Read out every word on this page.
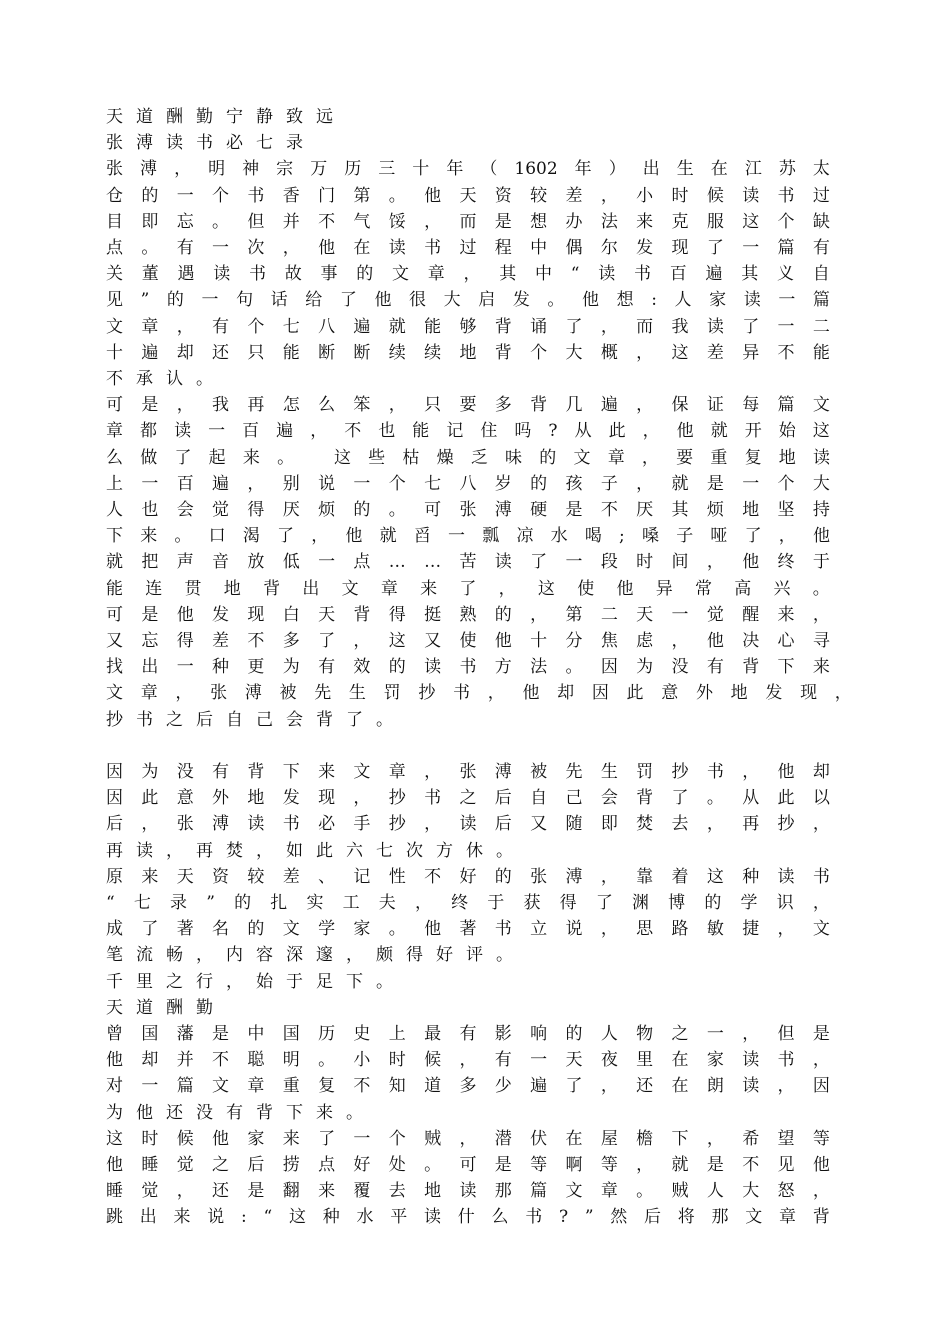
天 道 酬 勤 宁 静 致 远
张 溥 读 书 必 七 录
张 溥 ， 明 神 宗 万 历 三 十 年 （ 1602 年 ） 出 生 在 江 苏 太
仓 的 一 个 书 香 门 第 。 他 天 资 较 差 ， 小 时 候 读 书 过
目 即 忘 。 但 并 不 气 馁 ， 而 是 想 办 法 来 克 服 这 个 缺
点 。 有 一 次 ， 他 在 读 书 过 程 中 偶 尔 发 现 了 一 篇 有
关 董 遇 读 书 故 事 的 文 章 ， 其 中 “ 读 书 百 遍 其 义 自
见 ” 的 一 句 话 给 了 他 很 大 启 发 。 他 想 : 人 家 读 一 篇
文 章 ， 有 个 七 八 遍 就 能 够 背 诵 了 ， 而 我 读 了 一 二
十 遍 却 还 只 能 断 断 续 续 地 背 个 大 概 ， 这 差 异 不 能
不 承 认 。
可 是 ， 我 再 怎 么 笨 ， 只 要 多 背 几 遍 ， 保 证 每 篇 文
章 都 读 一 百 遍 ， 不 也 能 记 住 吗 ? 从 此 ， 他 就 开 始 这
么 做 了 起 来 。
这 些 枯 燥 乏 味 的 文 章 ， 要 重 复 地 读
上 一 百 遍 ， 别 说 一 个 七 八 岁 的 孩 子 ， 就 是 一 个 大
人 也 会 觉 得 厌 烦 的 。 可 张 溥 硬 是 不 厌 其 烦 地 坚 持
下 来 。 口 渴 了 ， 他 就 舀 一 瓢 凉 水 喝 ; 嗓 子 哑 了 ， 他
就 把 声 音 放 低 一 点 … … 苦 读 了 一 段 时 间 ， 他 终 于
能 连 贯 地 背 出 文 章 来 了 ， 这 使 他 异 常 高 兴 。
可 是 他 发 现 白 天 背 得 挺 熟 的 ， 第 二 天 一 觉 醒 来 ，
又 忘 得 差 不 多 了 ， 这 又 使 他 十 分 焦 虑 ， 他 决 心 寻
找 出 一 种 更 为 有 效 的 读 书 方 法 。 因 为 没 有 背 下 来
文 章 ， 张 溥 被 先 生 罚 抄 书 ， 他 却 因 此 意 外 地 发 现 ，
抄 书 之 后 自 己 会 背 了 。
因 为 没 有 背 下 来 文 章 ， 张 溥 被 先 生 罚 抄 书 ， 他 却
因 此 意 外 地 发 现 ， 抄 书 之 后 自 己 会 背 了 。 从 此 以
后 ， 张 溥 读 书 必 手 抄 ， 读 后 又 随 即 焚 去 ， 再 抄 ，
再 读 ， 再 焚 ， 如 此 六 七 次 方 休 。
原 来 天 资 较 差 、 记 性 不 好 的 张 溥 ， 靠 着 这 种 读 书
“ 七 录 ” 的 扎 实 工 夫 ， 终 于 获 得 了 渊 博 的 学 识 ，
成 了 著 名 的 文 学 家 。 他 著 书 立 说 ， 思 路 敏 捷 ， 文
笔 流 畅 ， 内 容 深 邃 ， 颇 得 好 评 。
千 里 之 行 ， 始 于 足 下 。
天 道 酬 勤
曾 国 藩 是 中 国 历 史 上 最 有 影 响 的 人 物 之 一 ， 但 是
他 却 并 不 聪 明 。 小 时 候 ， 有 一 天 夜 里 在 家 读 书 ，
对 一 篇 文 章 重 复 不 知 道 多 少 遍 了 ， 还 在 朗 读 ， 因
为 他 还 没 有 背 下 来 。
这 时 候 他 家 来 了 一 个 贼 ， 潜 伏 在 屋 檐 下 ， 希 望 等
他 睡 觉 之 后 捞 点 好 处 。 可 是 等 啊 等 ， 就 是 不 见 他
睡 觉 ， 还 是 翻 来 覆 去 地 读 那 篇 文 章 。 贼 人 大 怒 ，
跳 出 来 说 : “ 这 种 水 平 读 什 么 书 ? ” 然 后 将 那 文 章 背
